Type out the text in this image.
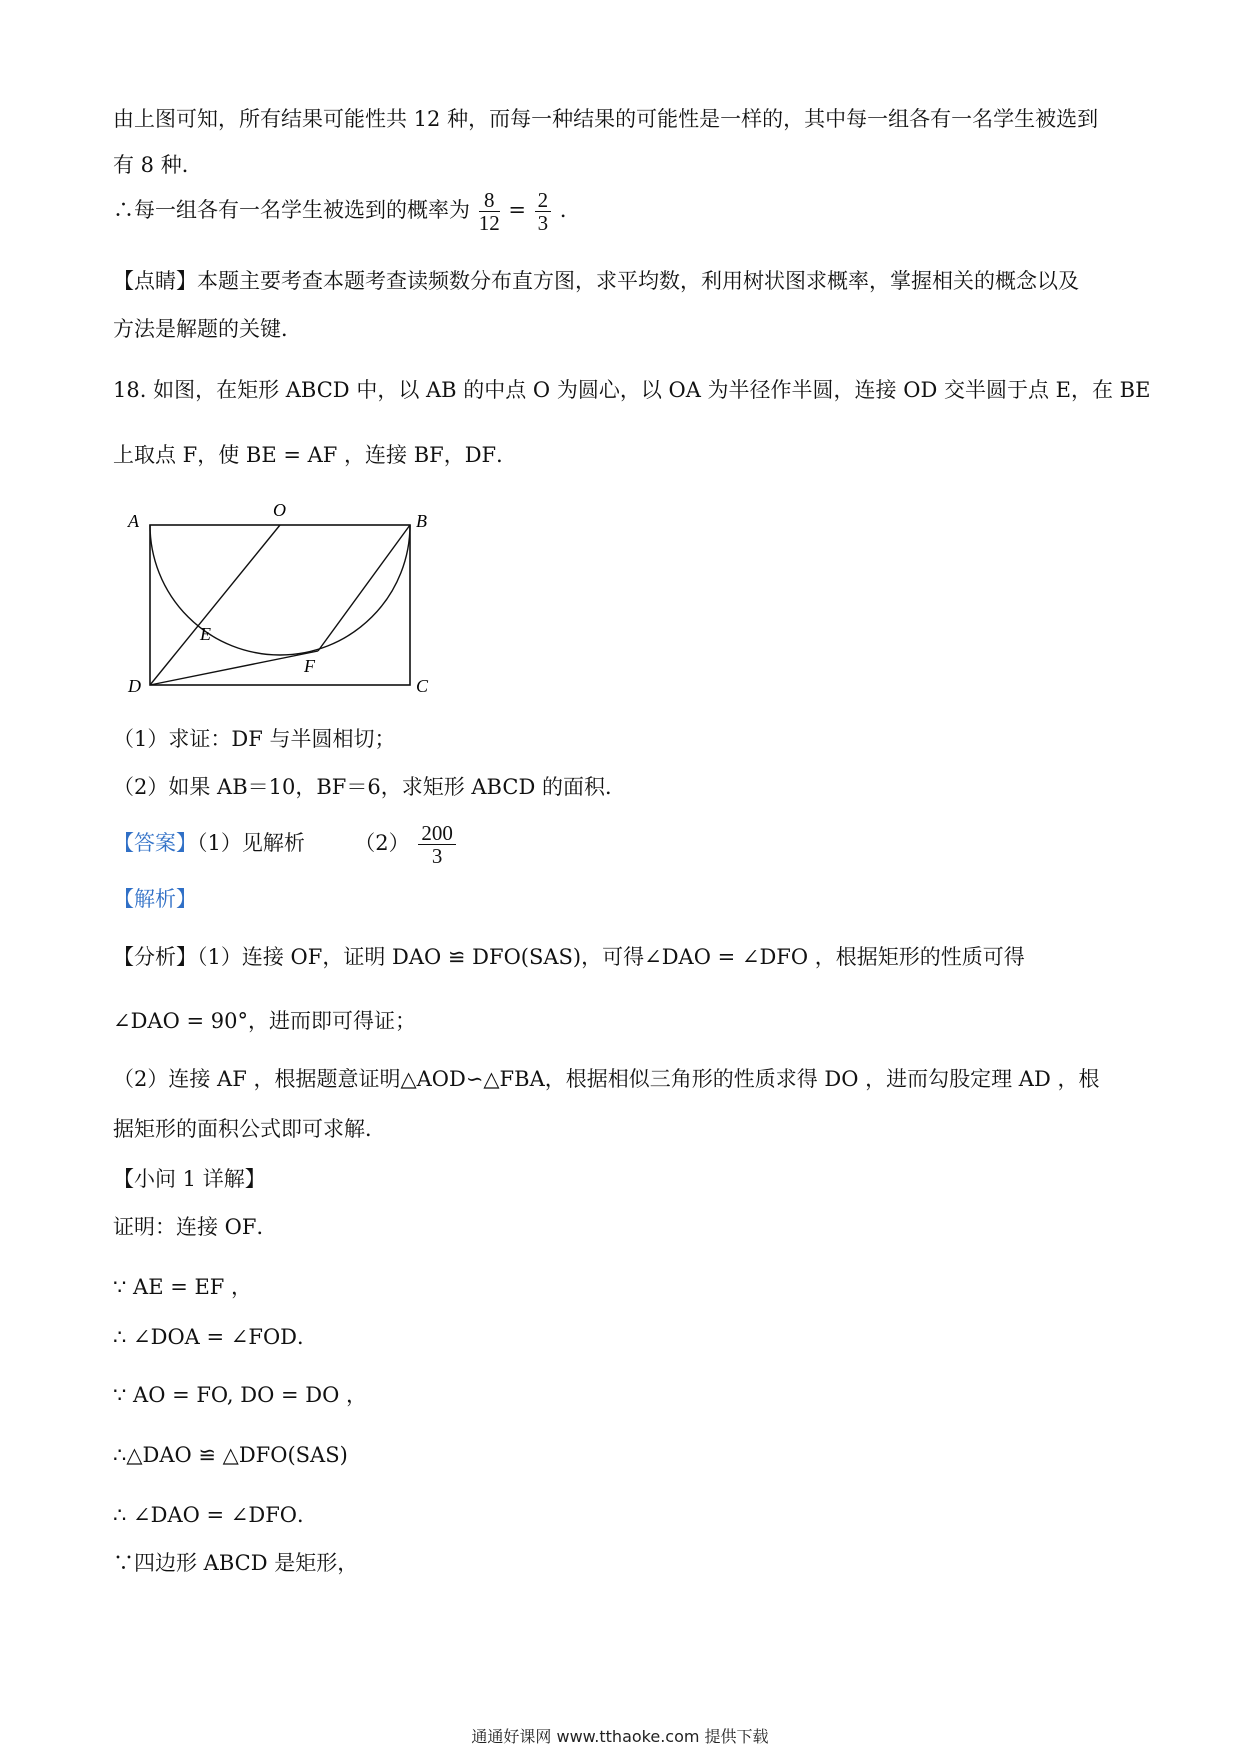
由上图可知，所有结果可能性共 12 种，而每一种结果的可能性是一样的，其中每一组各有一名学生被选到
有 8 种．
∴每一组各有一名学生被选到的概率为 $\frac{8}{12} = \frac{2}{3}$ ．
【点睛】本题主要考查本题考查读频数分布直方图，求平均数，利用树状图求概率，掌握相关的概念以及
方法是解题的关键．
18. 如图，在矩形 ABCD 中，以 AB 的中点 O 为圆心，以 OA 为半径作半圆，连接 OD 交半圆于点 E，在 BE
上取点 F，使 BE = AF ，连接 BF，DF．
A
O
B
D	C
E
F
（1）求证：DF 与半圆相切；
（2）如果 AB＝10，BF＝6，求矩形 ABCD 的面积．
【答案】（1）见解析 $(2) \frac{200}{3}$
【解析】
【分析】（1）连接 OF，证明 DAO ≌ DFO(SAS)，可得∠DAO = ∠DFO ，根据矩形的性质可得
∠DAO = 90°，进而即可得证；
（2）连接 AF ，根据题意证明△AOD∽△FBA，根据相似三角形的性质求得 DO ，进而勾股定理 AD ，根
据矩形的面积公式即可求解．
【小问 1 详解】
证明：连接 OF．
∵ AE = EF ，
∴ ∠DOA = ∠FOD．
∵ AO = FO, DO = DO ，
∴△DAO ≌ △DFO(SAS)
∴ ∠DAO = ∠DFO．
∵四边形 ABCD 是矩形，
通通好课网 www.tthaoke.com 提供下载
